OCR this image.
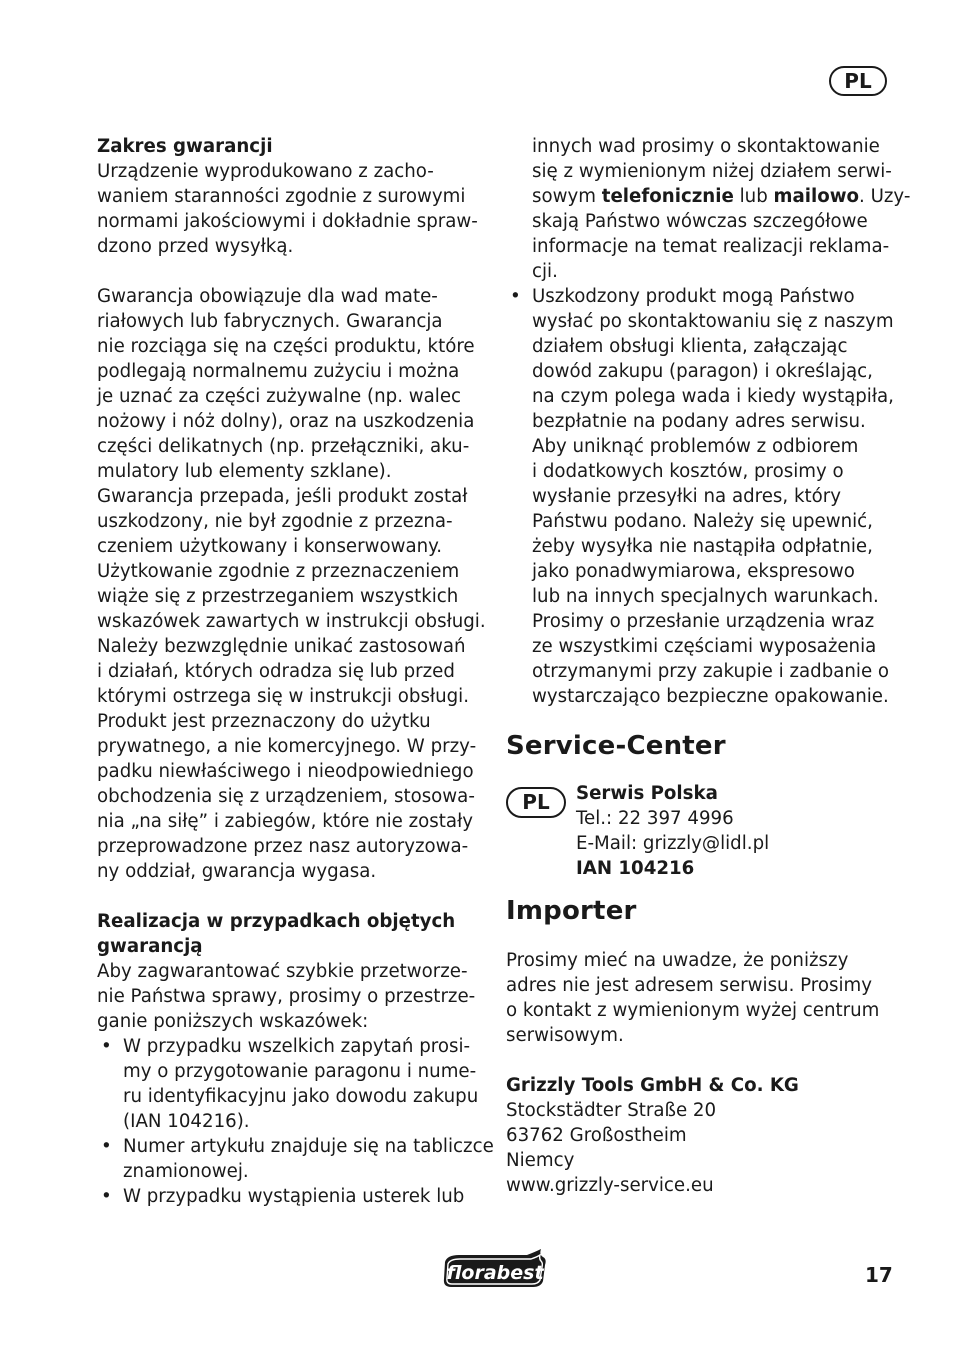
PL
Zakres gwarancji
Urządzenie wyprodukowano z zacho-
waniem staranności zgodnie z surowymi
normami jakościowymi i dokładnie spraw-
dzono przed wysyłką.
Gwarancja obowiązuje dla wad mate-
riałowych lub fabrycznych. Gwarancja
nie rozciąga się na części produktu, które
podlegają normalnemu zużyciu i można
je uznać za części zużywalne (np. walec
nożowy i nóż dolny), oraz na uszkodzenia
części delikatnych (np. przełączniki, aku-
mulatory lub elementy szklane).
Gwarancja przepada, jeśli produkt został
uszkodzony, nie był zgodnie z przezna-
czeniem użytkowany i konserwowany.
Użytkowanie zgodnie z przeznaczeniem
wiąże się z przestrzeganiem wszystkich
wskazówek zawartych w instrukcji obsługi.
Należy bezwzględnie unikać zastosowań
i działań, których odradza się lub przed
którymi ostrzega się w instrukcji obsługi.
Produkt jest przeznaczony do użytku
prywatnego, a nie komercyjnego. W przy-
padku niewłaściwego i nieodpowiedniego
obchodzenia się z urządzeniem, stosowa-
nia „na siłę” i zabiegów, które nie zostały
przeprowadzone przez nasz autoryzowa-
ny oddział, gwarancja wygasa.
Realizacja w przypadkach objętych
gwarancją
Aby zagwarantować szybkie przetworze-
nie Państwa sprawy, prosimy o przestrze-
ganie poniższych wskazówek:
• W przypadku wszelkich zapytań prosi-
my o przygotowanie paragonu i nume-
ru identyfikacyjnu jako dowodu zakupu
(IAN 104216).
• Numer artykułu znajduje się na tabliczce
znamionowej.
• W przypadku wystąpienia usterek lub
innych wad prosimy o skontaktowanie
się z wymienionym niżej działem serwi-
sowym telefonicznie lub mailowo. Uzy-
skają Państwo wówczas szczegółowe
informacje na temat realizacji reklama-
cji.
• Uszkodzony produkt mogą Państwo
wysłać po skontaktowaniu się z naszym
działem obsługi klienta, załączając
dowód zakupu (paragon) i określając,
na czym polega wada i kiedy wystąpiła,
bezpłatnie na podany adres serwisu.
Aby uniknąć problemów z odbiorem
i dodatkowych kosztów, prosimy o
wysłanie przesyłki na adres, który
Państwu podano. Należy się upewnić,
żeby wysyłka nie nastąpiła odpłatnie,
jako ponadwymiarowa, ekspresowo
lub na innych specjalnych warunkach.
Prosimy o przesłanie urządzenia wraz
ze wszystkimi częściami wyposażenia
otrzymanymi przy zakupie i zadbanie o
wystarczająco bezpieczne opakowanie.
Service-Center
PL	Serwis Polska
Tel.: 22 397 4996
E-Mail: grizzly@lidl.pl
IAN 104216
Importer
Prosimy mieć na uwadze, że poniższy
adres nie jest adresem serwisu. Prosimy
o kontakt z wymienionym wyżej centrum
serwisowym.
Grizzly Tools GmbH & Co. KG
Stockstädter Straße 20
63762 Großostheim
Niemcy
www.grizzly-service.eu
florabest	17
